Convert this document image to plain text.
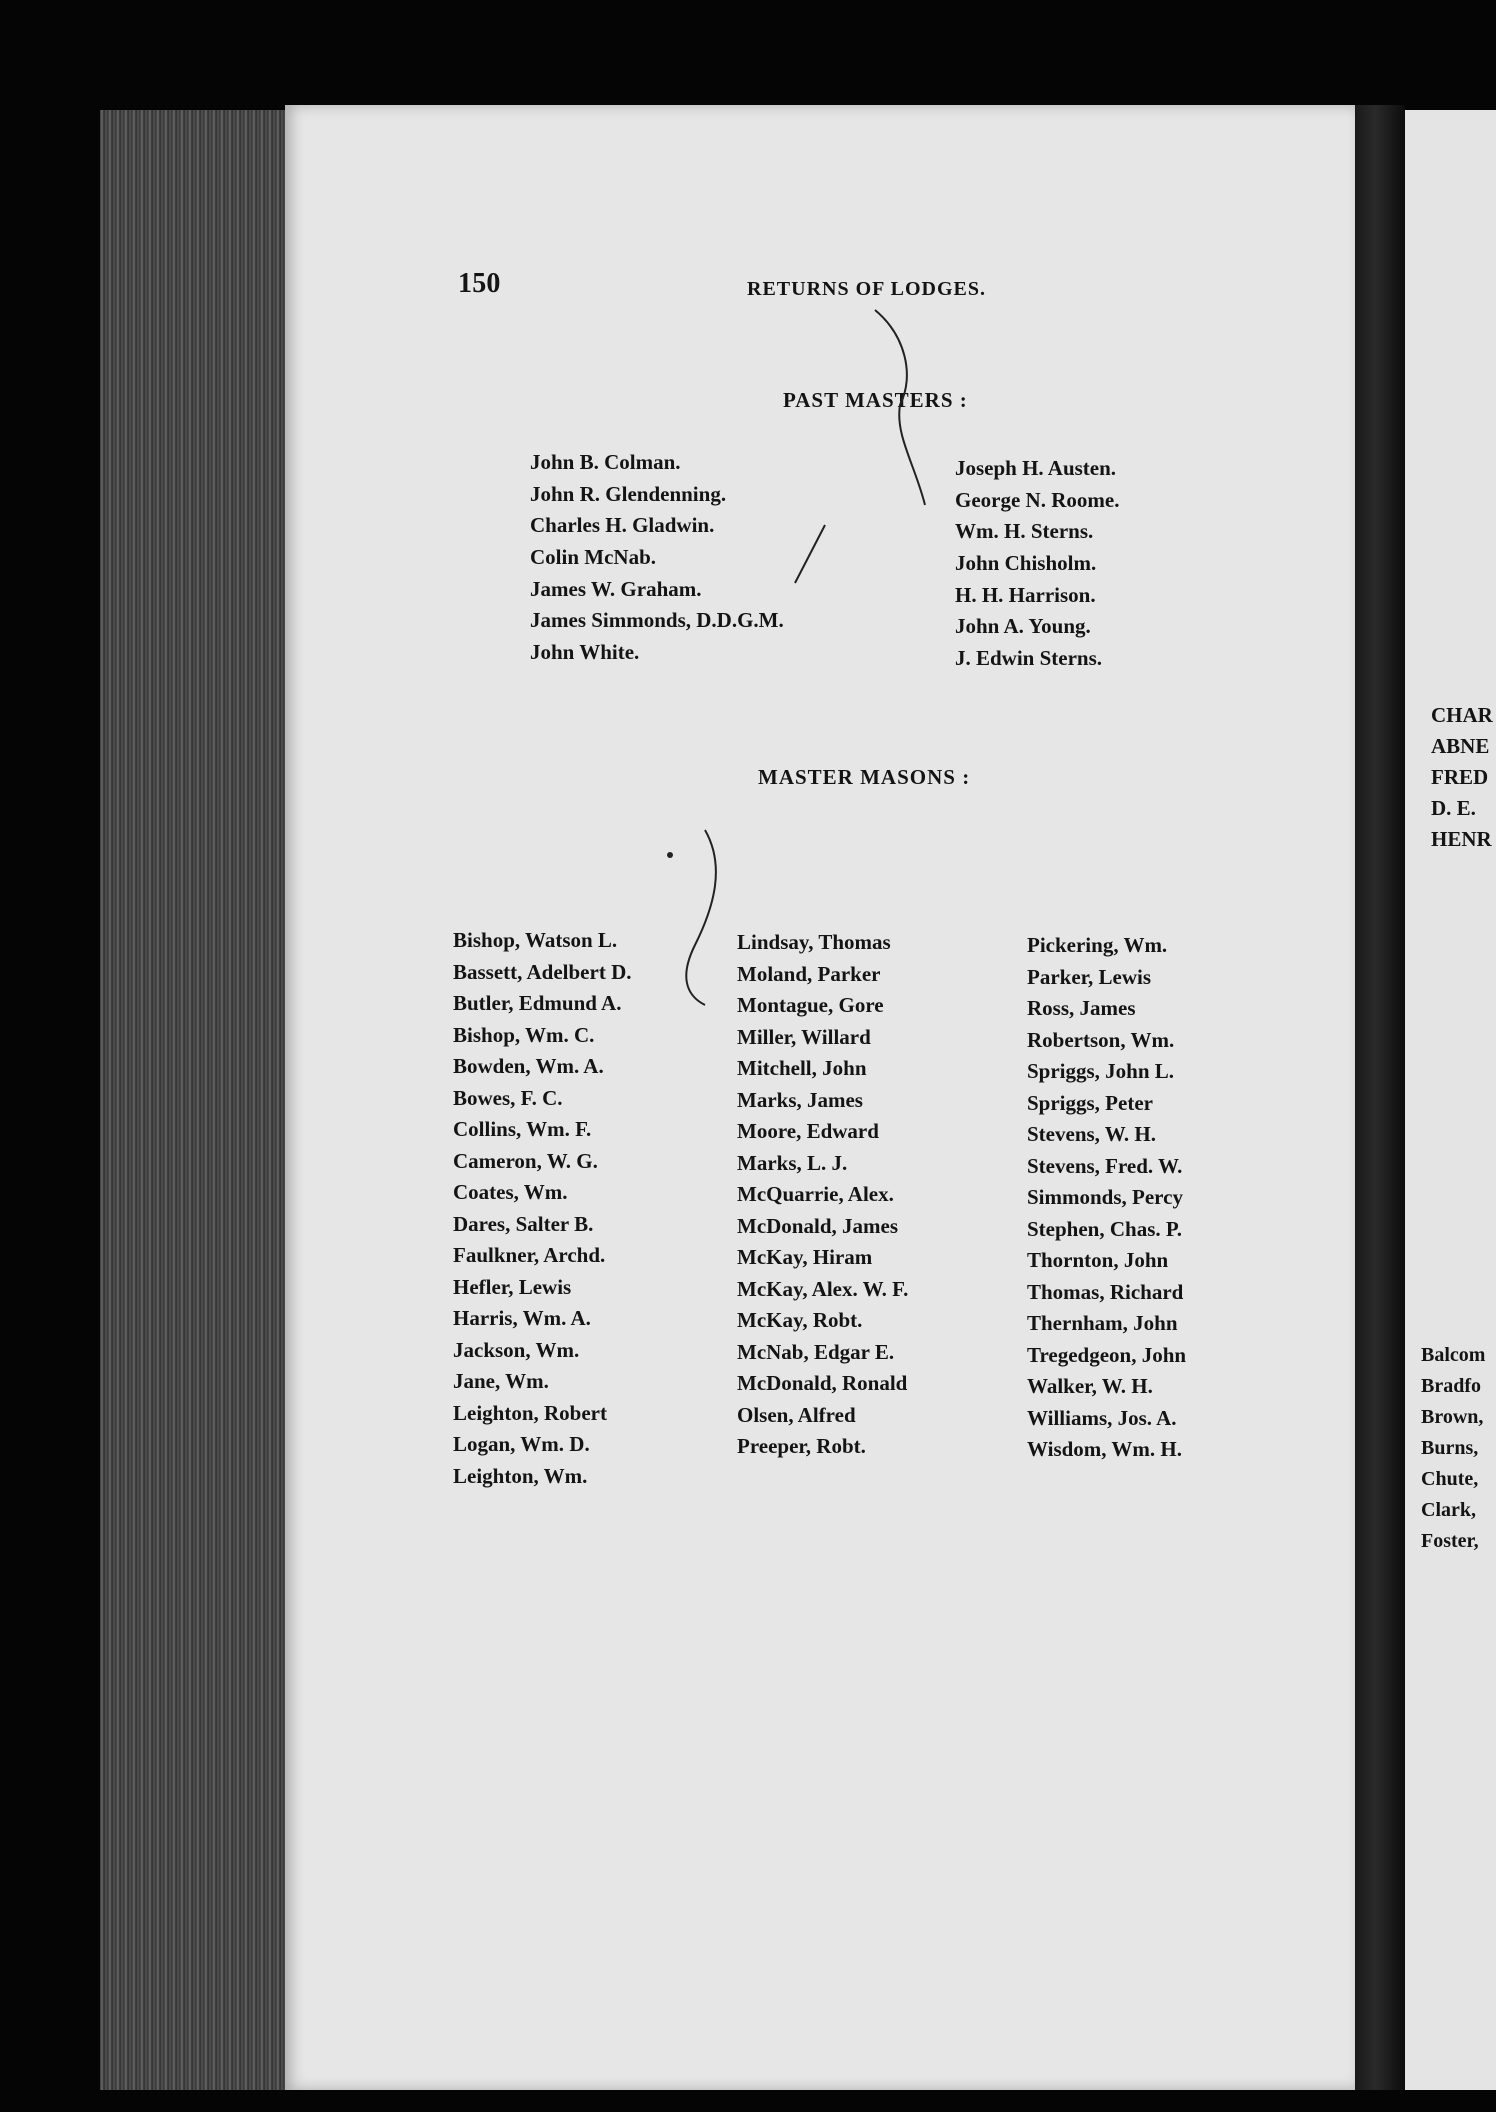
150	RETURNS OF LODGES.
PAST MASTERS :
John B. Colman.
John R. Glendenning.
Charles H. Gladwin.
Colin McNab.
James W. Graham.
James Simmonds, D.D.G.M.
John White.
Joseph H. Austen.
George N. Roome.
Wm. H. Sterns.
John Chisholm.
H. H. Harrison.
John A. Young.
J. Edwin Sterns.
MASTER MASONS :
Bishop, Watson L.
Bassett, Adelbert D.
Butler, Edmund A.
Bishop, Wm. C.
Bowden, Wm. A.
Bowes, F. C.
Collins, Wm. F.
Cameron, W. G.
Coates, Wm.
Dares, Salter B.
Faulkner, Archd.
Hefler, Lewis
Harris, Wm. A.
Jackson, Wm.
Jane, Wm.
Leighton, Robert
Logan, Wm. D.
Leighton, Wm.
Lindsay, Thomas
Moland, Parker
Montague, Gore
Miller, Willard
Mitchell, John
Marks, James
Moore, Edward
Marks, L. J.
McQuarrie, Alex.
McDonald, James
McKay, Hiram
McKay, Alex. W. F.
McKay, Robt.
McNab, Edgar E.
McDonald, Ronald
Olsen, Alfred
Preeper, Robt.
Pickering, Wm.
Parker, Lewis
Ross, James
Robertson, Wm.
Spriggs, John L.
Spriggs, Peter
Stevens, W. H.
Stevens, Fred. W.
Simmonds, Percy
Stephen, Chas. P.
Thornton, John
Thomas, Richard
Thernham, John
Tregedgeon, John
Walker, W. H.
Williams, Jos. A.
Wisdom, Wm. H.
CHAR
ABNE
FRED
D. E.
HENR
Balcom
Bradfo
Brown,
Burns,
Chute,
Clark,
Foster,
